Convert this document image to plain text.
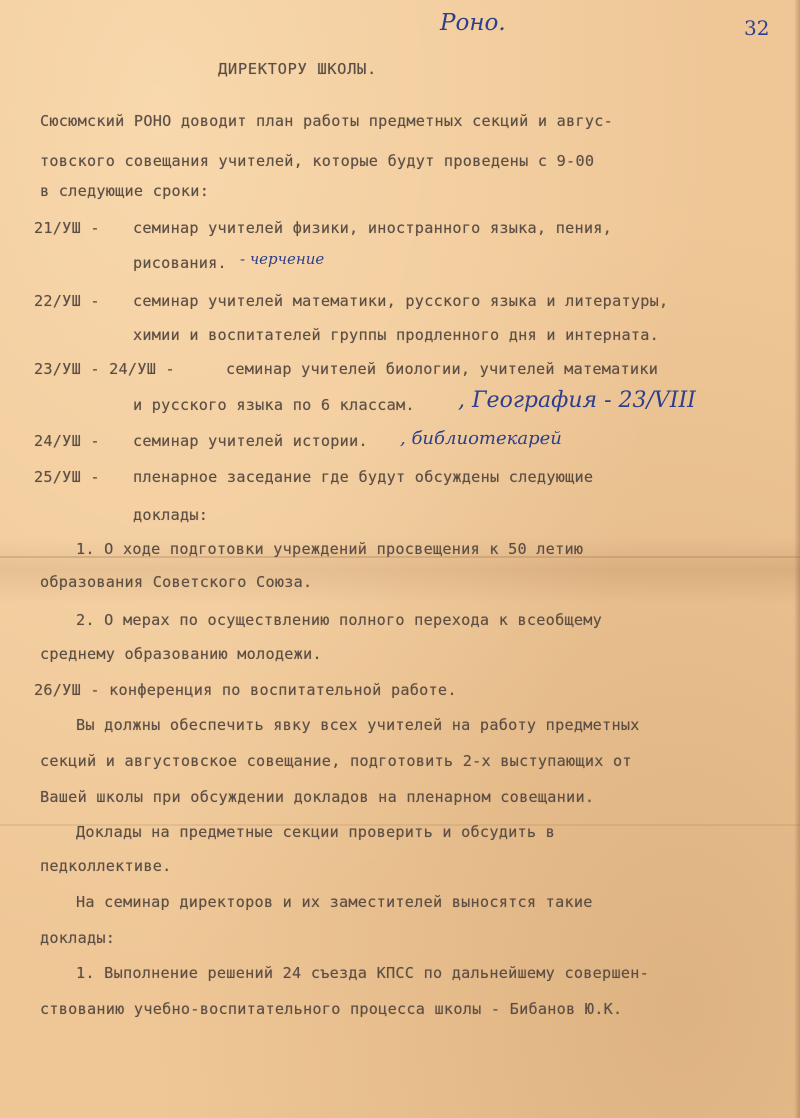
Роно.	32
ДИРЕКТОРУ ШКОЛЫ.
Сюсюмский РОНО доводит план работы предметных секций и авгус-
товского совещания учителей, которые будут проведены с 9-00
в следующие сроки:
21/УШ - семинар учителей физики, иностранного языка, пения,
рисования. - черчение
22/УШ - семинар учителей математики, русского языка и литературы,
химии и воспитателей группы продленного дня и интерната.
23/УШ - 24/УШ -	семинар учителей биологии, учителей математики
и русского языка по 6 классам. , География - 23/VIII
24/УШ - семинар учителей истории. , библиотекарей
25/УШ - пленарное заседание где будут обсуждены следующие
доклады:
1. О ходе подготовки учреждений просвещения к 50 летию
образования Советского Союза.
2. О мерах по осуществлению полного перехода к всеобщему
среднему образованию молодежи.
26/УШ - конференция по воспитательной работе.
Вы должны обеспечить явку всех учителей на работу предметных
секций и августовское совещание, подготовить 2-х выступающих от
Вашей школы при обсуждении докладов на пленарном совещании.
Доклады на предметные секции проверить и обсудить в
педколлективе.
На семинар директоров и их заместителей выносятся такие
доклады:
1. Выполнение решений 24 съезда КПСС по дальнейшему совершен-
ствованию учебно-воспитательного процесса школы - Бибанов Ю.К.
